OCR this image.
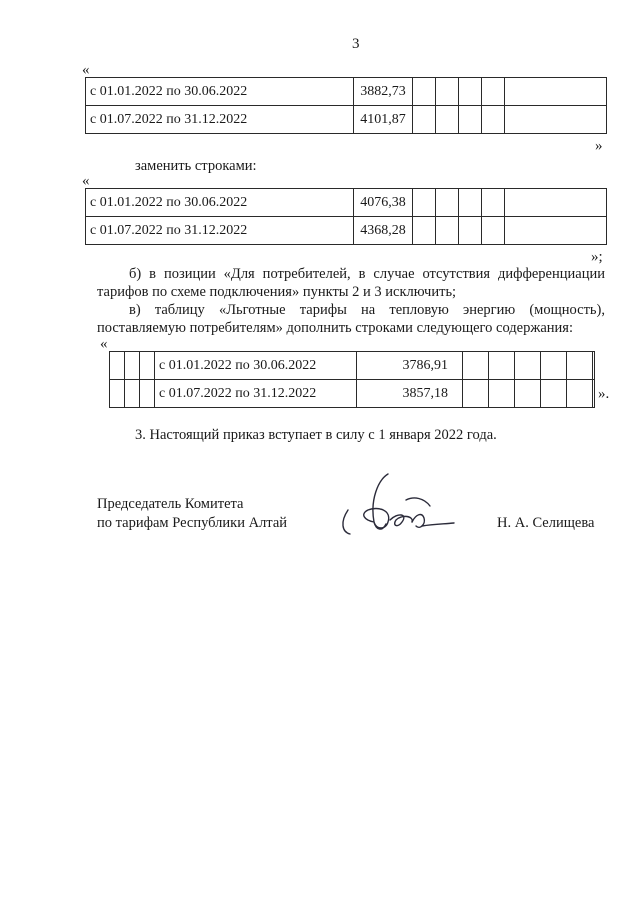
3
«
с 01.01.2022 по 30.06.2022	3882,73					
с 01.07.2022 по 31.12.2022	4101,87					
»
заменить строками:
«
с 01.01.2022 по 30.06.2022	4076,38					
с 01.07.2022 по 31.12.2022	4368,28					
»;
б) в позиции «Для потребителей, в случае отсутствия дифференциации
тарифов по схеме подключения» пункты 2 и 3 исключить;
в) таблицу «Льготные тарифы на тепловую энергию (мощность),
поставляемую потребителям» дополнить строками следующего содержания:
«
			с 01.01.2022 по 30.06.2022	3786,91						
			с 01.07.2022 по 31.12.2022	3857,18							».
3. Настоящий приказ вступает в силу с 1 января 2022 года.
Председатель Комитета
по тарифам Республики Алтай	Н. А. Селищева
